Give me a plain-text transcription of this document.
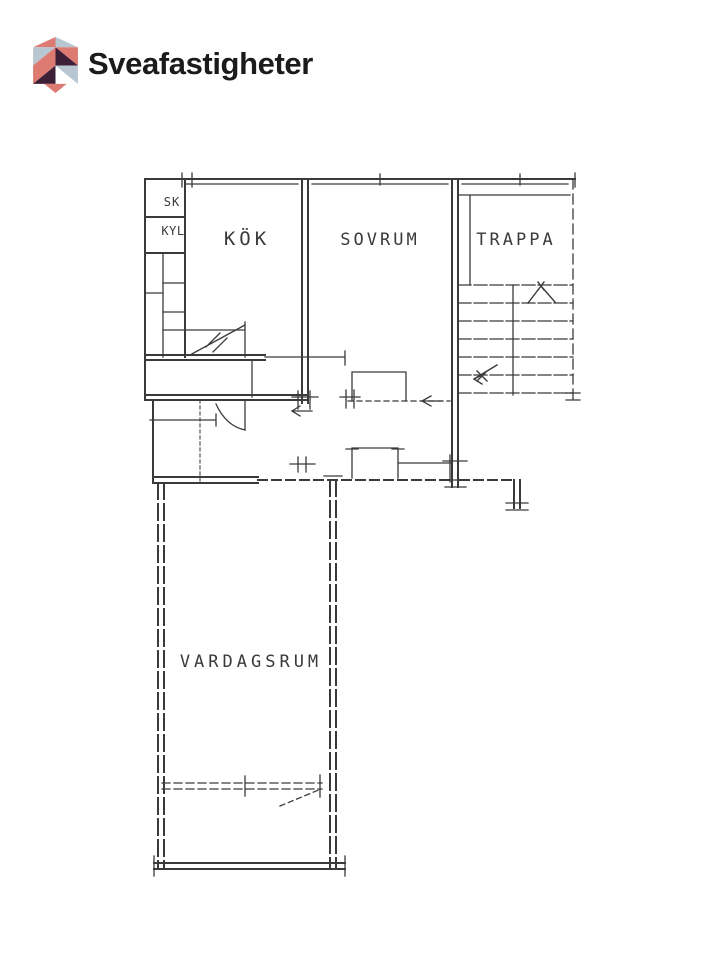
Sveafastigheter
SK
KYL KÖK	SOVRUM	TRAPPA
VARDAGSRUM
